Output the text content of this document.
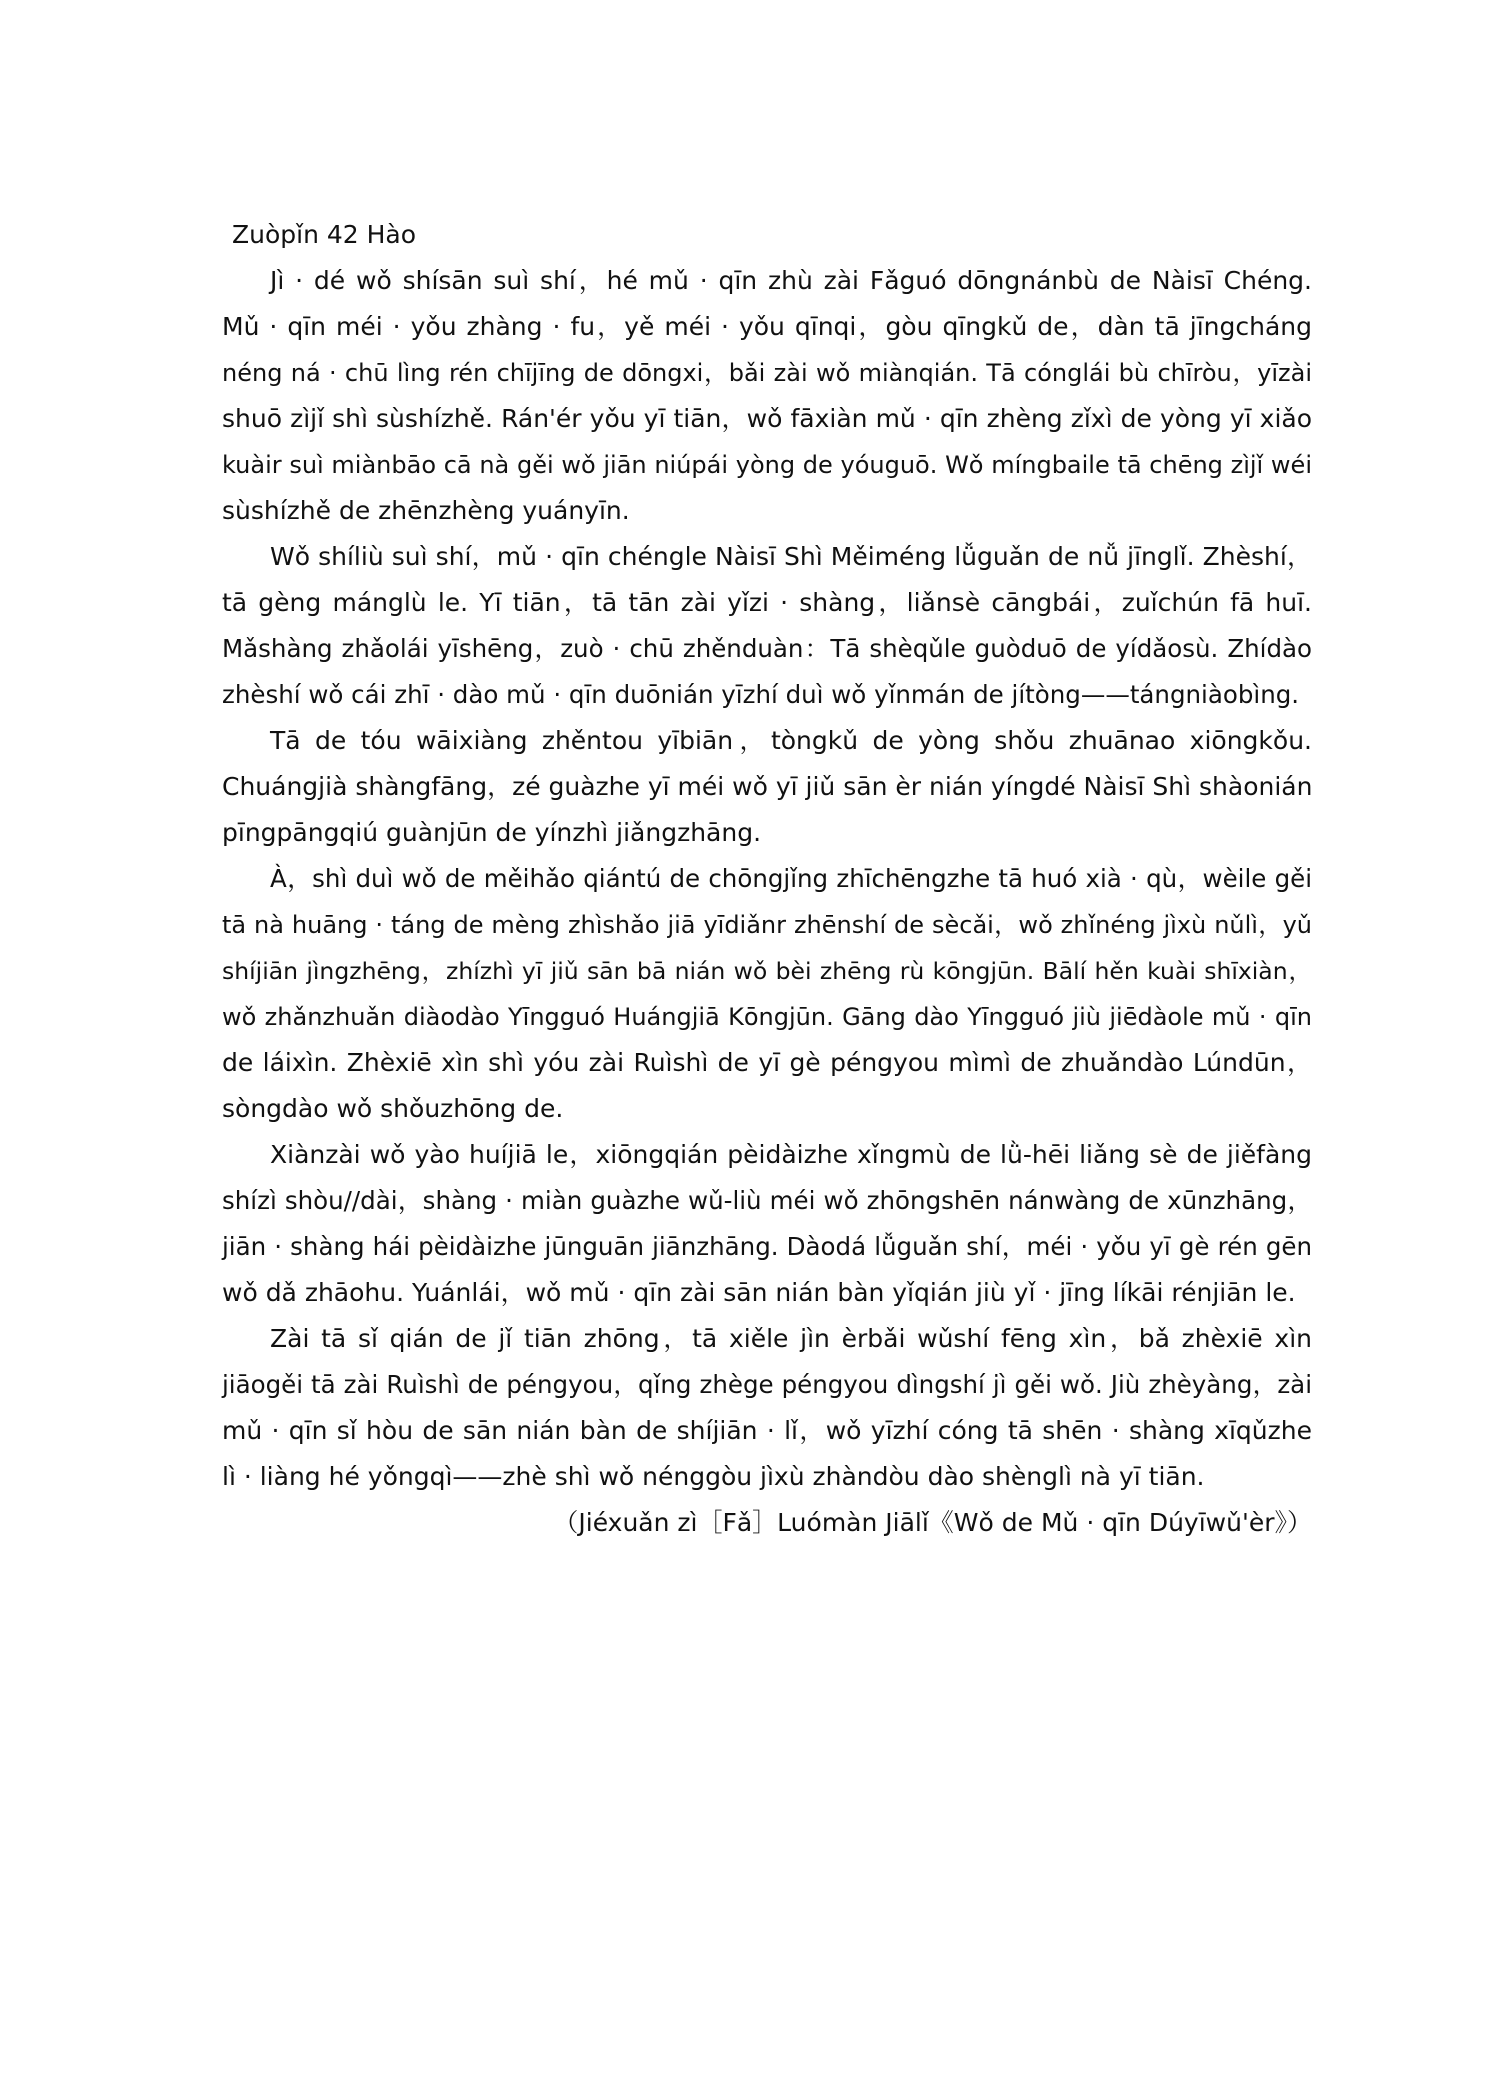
Zuòpǐn 42 Hào

Jì · dé wǒ shísān suì shí，hé mǔ · qīn zhù zài Fǎguó dōngnánbù de Nàisī Chéng.
Mǔ · qīn méi · yǒu zhàng · fu，yě méi · yǒu qīnqi，gòu qīngkǔ de，dàn tā jīngcháng
néng ná · chū lìng rén chījīng de dōngxi，bǎi zài wǒ miànqián. Tā cónglái bù chīròu，yīzài
shuō zìjǐ shì sùshízhě. Rán'ér yǒu yī tiān，wǒ fāxiàn mǔ · qīn zhèng zǐxì de yòng yī xiǎo
kuàir suì miànbāo cā nà gěi wǒ jiān niúpái yòng de yóuguō. Wǒ míngbaile tā chēng zìjǐ wéi
sùshízhě de zhēnzhèng yuányīn.

Wǒ shíliù suì shí，mǔ · qīn chéngle Nàisī Shì Měiméng lǚguǎn de nǚ jīnglǐ. Zhèshí，
tā gèng mánglù le. Yī tiān，tā tān zài yǐzi · shàng，liǎnsè cāngbái，zuǐchún fā huī.
Mǎshàng zhǎolái yīshēng，zuò · chū zhěnduàn：Tā shèqǔle guòduō de yídǎosù. Zhídào
zhèshí wǒ cái zhī · dào mǔ · qīn duōnián yīzhí duì wǒ yǐnmán de jítòng——tángniàobìng.

Tā de tóu wāixiàng zhěntou yībiān，tòngkǔ de yòng shǒu zhuānao xiōngkǒu.
Chuángjià shàngfāng，zé guàzhe yī méi wǒ yī jiǔ sān èr nián yíngdé Nàisī Shì shàonián
pīngpāngqiú guànjūn de yínzhì jiǎngzhāng.

À，shì duì wǒ de měihǎo qiántú de chōngjǐng zhīchēngzhe tā huó xià · qù，wèile gěi
tā nà huāng · táng de mèng zhìshǎo jiā yīdiǎnr zhēnshí de sècǎi，wǒ zhǐnéng jìxù nǔlì，yǔ
shíjiān jìngzhēng，zhízhì yī jiǔ sān bā nián wǒ bèi zhēng rù kōngjūn. Bālí hěn kuài shīxiàn，
wǒ zhǎnzhuǎn diàodào Yīngguó Huángjiā Kōngjūn. Gāng dào Yīngguó jiù jiēdàole mǔ · qīn
de láixìn. Zhèxiē xìn shì yóu zài Ruìshì de yī gè péngyou mìmì de zhuǎndào Lúndūn，
sòngdào wǒ shǒuzhōng de.

Xiànzài wǒ yào huíjiā le，xiōngqián pèidàizhe xǐngmù de lǜ-hēi liǎng sè de jiěfàng
shízì shòu//dài，shàng · miàn guàzhe wǔ-liù méi wǒ zhōngshēn nánwàng de xūnzhāng，
jiān · shàng hái pèidàizhe jūnguān jiānzhāng. Dàodá lǚguǎn shí，méi · yǒu yī gè rén gēn
wǒ dǎ zhāohu. Yuánlái，wǒ mǔ · qīn zài sān nián bàn yǐqián jiù yǐ · jīng líkāi rénjiān le.

Zài tā sǐ qián de jǐ tiān zhōng，tā xiěle jìn èrbǎi wǔshí fēng xìn，bǎ zhèxiē xìn
jiāogěi tā zài Ruìshì de péngyou，qǐng zhège péngyou dìngshí jì gěi wǒ. Jiù zhèyàng，zài
mǔ · qīn sǐ hòu de sān nián bàn de shíjiān · lǐ，wǒ yīzhí cóng tā shēn · shàng xīqǔzhe
lì · liàng hé yǒngqì——zhè shì wǒ nénggòu jìxù zhàndòu dào shènglì nà yī tiān.

（Jiéxuǎn zì［Fǎ］Luómàn Jiālǐ《Wǒ de Mǔ · qīn Dúyīwǔ'èr》）
